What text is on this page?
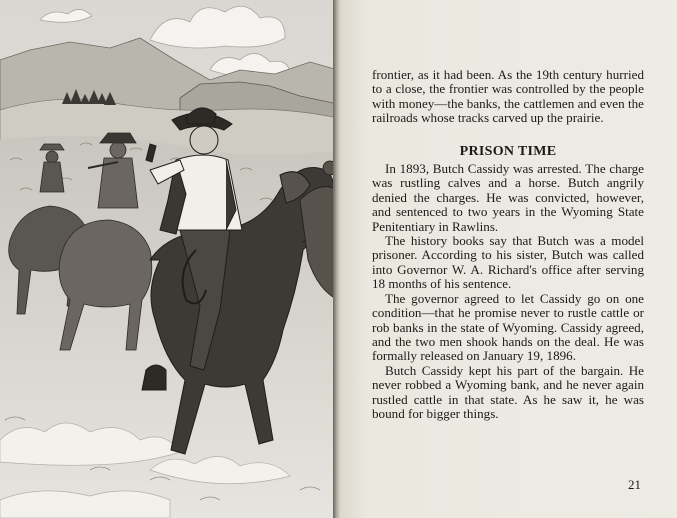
frontier, as it had been. As the 19th century hurried to a close, the frontier was controlled by the people with money—the banks, the cattlemen and even the railroads whose tracks carved up the prairie.

PRISON TIME

In 1893, Butch Cassidy was arrested. The charge was rustling calves and a horse. Butch angrily denied the charges. He was convicted, however, and sentenced to two years in the Wyoming State Penitentiary in Rawlins.

The history books say that Butch was a model prisoner. According to his sister, Butch was called into Governor W. A. Richard's office after serving 18 months of his sentence.

The governor agreed to let Cassidy go on one condition—that he promise never to rustle cattle or rob banks in the state of Wyoming. Cassidy agreed, and the two men shook hands on the deal. He was formally released on January 19, 1896.

Butch Cassidy kept his part of the bargain. He never robbed a Wyoming bank, and he never again rustled cattle in that state. As he saw it, he was bound for bigger things.

21
